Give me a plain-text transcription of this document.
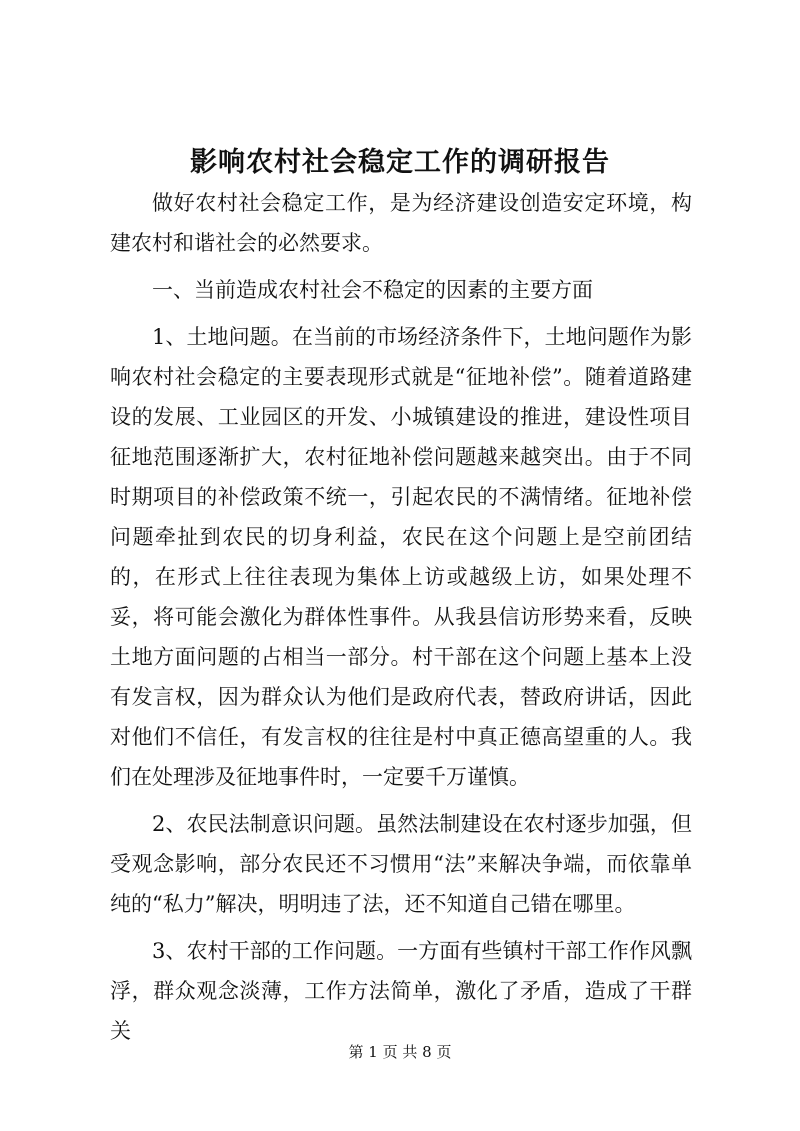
影响农村社会稳定工作的调研报告

做好农村社会稳定工作，是为经济建设创造安定环境，构建农村和谐社会的必然要求。

一、当前造成农村社会不稳定的因素的主要方面

1、土地问题。在当前的市场经济条件下，土地问题作为影响农村社会稳定的主要表现形式就是“征地补偿”。随着道路建设的发展、工业园区的开发、小城镇建设的推进，建设性项目征地范围逐渐扩大，农村征地补偿问题越来越突出。由于不同时期项目的补偿政策不统一，引起农民的不满情绪。征地补偿问题牵扯到农民的切身利益，农民在这个问题上是空前团结的，在形式上往往表现为集体上访或越级上访，如果处理不妥，将可能会激化为群体性事件。从我县信访形势来看，反映土地方面问题的占相当一部分。村干部在这个问题上基本上没有发言权，因为群众认为他们是政府代表，替政府讲话，因此对他们不信任，有发言权的往往是村中真正德高望重的人。我们在处理涉及征地事件时，一定要千万谨慎。

2、农民法制意识问题。虽然法制建设在农村逐步加强，但受观念影响，部分农民还不习惯用“法”来解决争端，而依靠单纯的“私力”解决，明明违了法，还不知道自己错在哪里。

3、农村干部的工作问题。一方面有些镇村干部工作作风飘浮，群众观念淡薄，工作方法简单，激化了矛盾，造成了干群关

第 1 页 共 8 页
